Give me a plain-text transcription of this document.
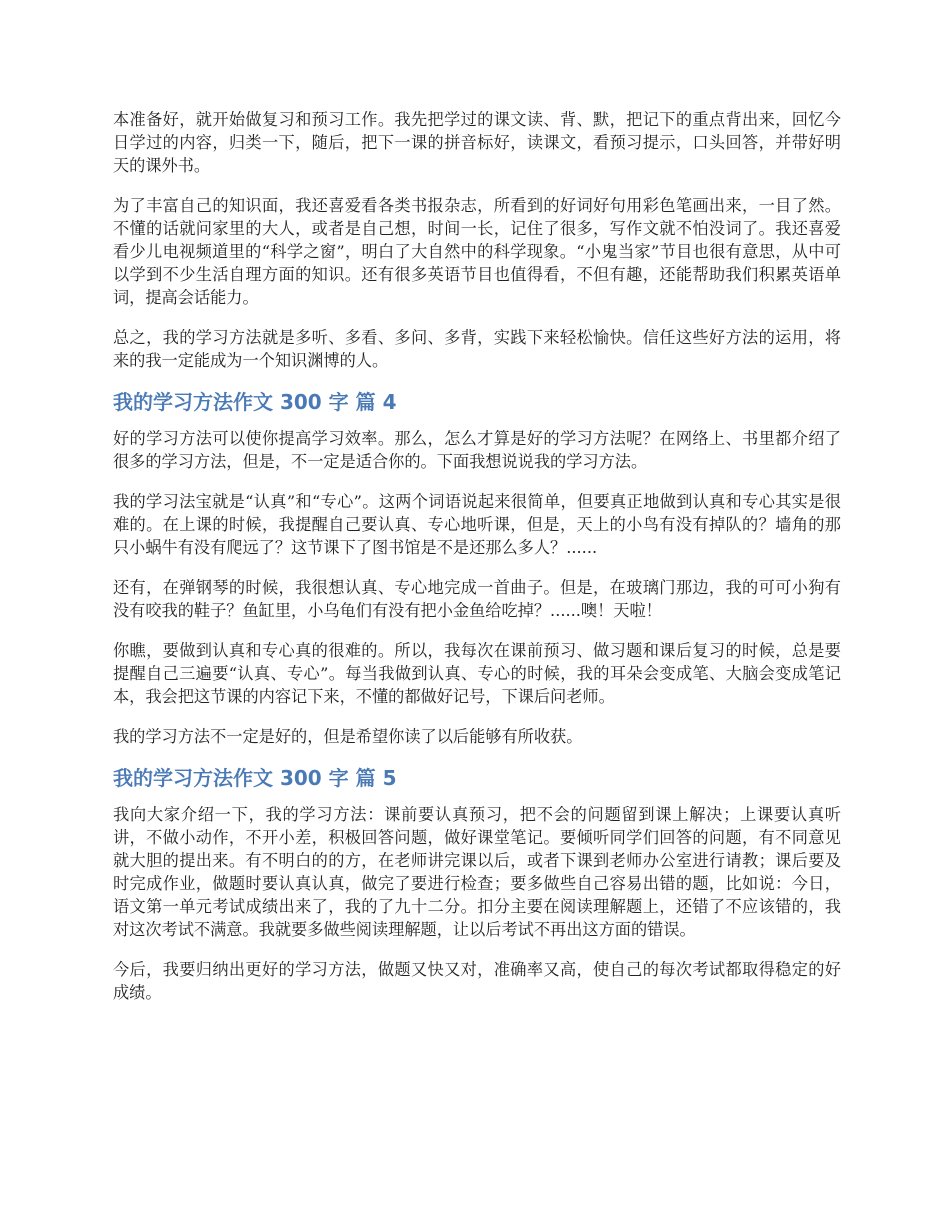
本准备好，就开始做复习和预习工作。我先把学过的课文读、背、默，把记下的重点背出来，回忆今日学过的内容，归类一下，随后，把下一课的拼音标好，读课文，看预习提示，口头回答，并带好明天的课外书。

为了丰富自己的知识面，我还喜爱看各类书报杂志，所看到的好词好句用彩色笔画出来，一目了然。不懂的话就问家里的大人，或者是自己想，时间一长，记住了很多，写作文就不怕没词了。我还喜爱看少儿电视频道里的“科学之窗”，明白了大自然中的科学现象。“小鬼当家”节目也很有意思，从中可以学到不少生活自理方面的知识。还有很多英语节目也值得看，不但有趣，还能帮助我们积累英语单词，提高会话能力。

总之，我的学习方法就是多听、多看、多问、多背，实践下来轻松愉快。信任这些好方法的运用，将来的我一定能成为一个知识渊博的人。

我的学习方法作文 300 字 篇 4

好的学习方法可以使你提高学习效率。那么，怎么才算是好的学习方法呢？在网络上、书里都介绍了很多的学习方法，但是，不一定是适合你的。下面我想说说我的学习方法。

我的学习法宝就是“认真”和“专心”。这两个词语说起来很简单，但要真正地做到认真和专心其实是很难的。在上课的时候，我提醒自己要认真、专心地听课，但是，天上的小鸟有没有掉队的？墙角的那只小蜗牛有没有爬远了？这节课下了图书馆是不是还那么多人？......

还有，在弹钢琴的时候，我很想认真、专心地完成一首曲子。但是，在玻璃门那边，我的可可小狗有没有咬我的鞋子？鱼缸里，小乌龟们有没有把小金鱼给吃掉？......噢！天啦！

你瞧，要做到认真和专心真的很难的。所以，我每次在课前预习、做习题和课后复习的时候，总是要提醒自己三遍要“认真、专心”。每当我做到认真、专心的时候，我的耳朵会变成笔、大脑会变成笔记本，我会把这节课的内容记下来，不懂的都做好记号，下课后问老师。

我的学习方法不一定是好的，但是希望你读了以后能够有所收获。

我的学习方法作文 300 字 篇 5

我向大家介绍一下，我的学习方法：课前要认真预习，把不会的问题留到课上解决；上课要认真听讲，不做小动作，不开小差，积极回答问题，做好课堂笔记。要倾听同学们回答的问题，有不同意见就大胆的提出来。有不明白的的方，在老师讲完课以后，或者下课到老师办公室进行请教；课后要及时完成作业，做题时要认真认真，做完了要进行检查；要多做些自己容易出错的题，比如说：今日，语文第一单元考试成绩出来了，我的了九十二分。扣分主要在阅读理解题上，还错了不应该错的，我对这次考试不满意。我就要多做些阅读理解题，让以后考试不再出这方面的错误。

今后，我要归纳出更好的学习方法，做题又快又对，准确率又高，使自己的每次考试都取得稳定的好成绩。
